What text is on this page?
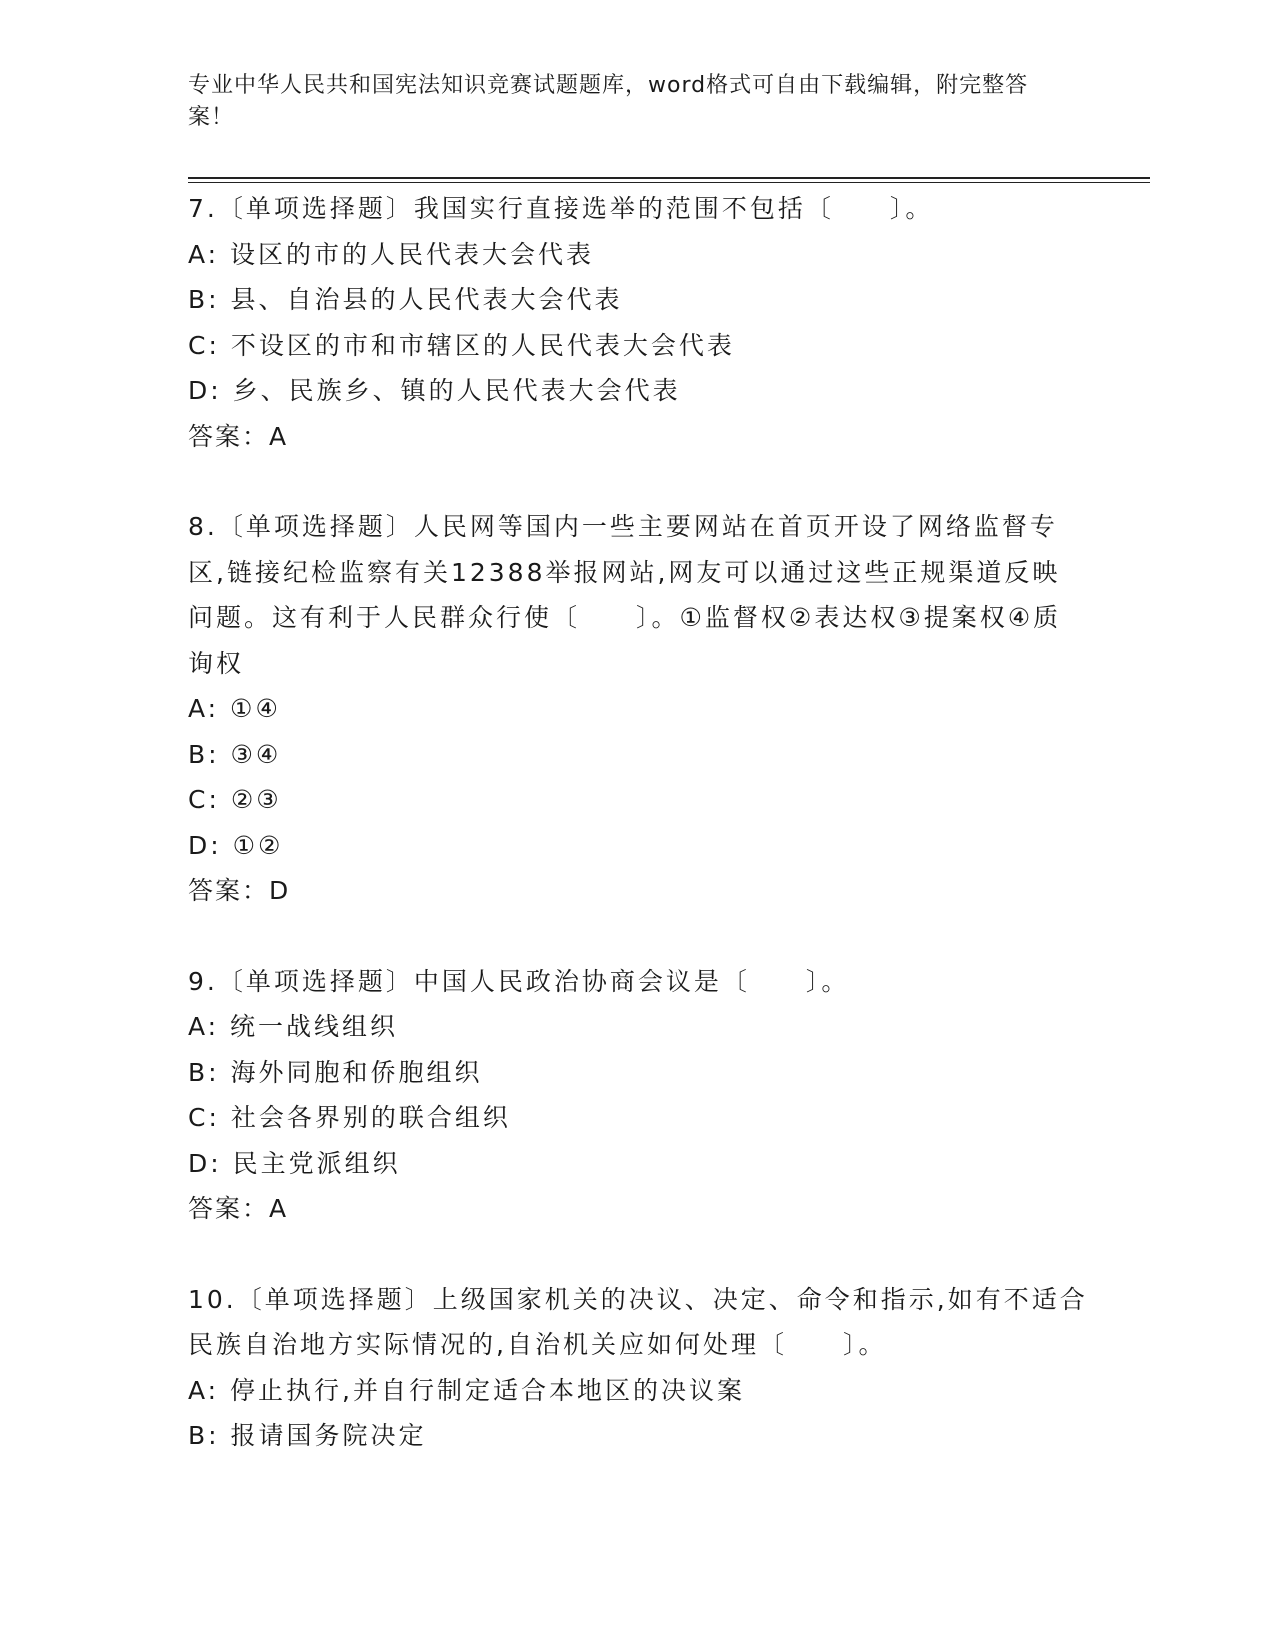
专业中华人民共和国宪法知识竞赛试题题库，word格式可自由下载编辑，附完整答案！

7.〔单项选择题〕我国实行直接选举的范围不包括〔　　〕。

A: 设区的市的人民代表大会代表

B: 县、自治县的人民代表大会代表

C: 不设区的市和市辖区的人民代表大会代表

D: 乡、民族乡、镇的人民代表大会代表

答案：A

8.〔单项选择题〕人民网等国内一些主要网站在首页开设了网络监督专区,链接纪检监察有关12388举报网站,网友可以通过这些正规渠道反映问题。这有利于人民群众行使〔　　〕。①监督权②表达权③提案权④质询权

A: ①④

B: ③④

C: ②③

D: ①②

答案：D

9.〔单项选择题〕中国人民政治协商会议是〔　　〕。

A: 统一战线组织

B: 海外同胞和侨胞组织

C: 社会各界别的联合组织

D: 民主党派组织

答案：A

10.〔单项选择题〕上级国家机关的决议、决定、命令和指示,如有不适合民族自治地方实际情况的,自治机关应如何处理〔　　〕。

A: 停止执行,并自行制定适合本地区的决议案

B: 报请国务院决定
